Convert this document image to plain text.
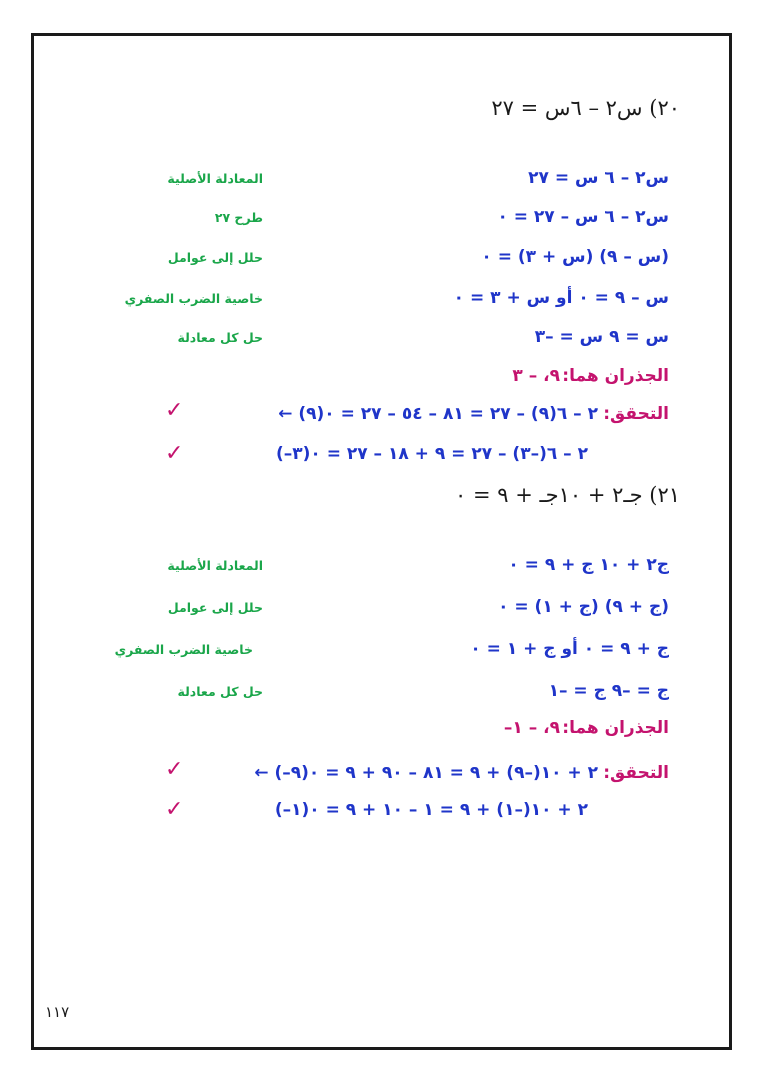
٢٠) س٢ – ٦س = ٢٧
س٢ – ٦ س = ٢٧
المعادلة الأصلية
س٢ – ٦ س – ٢٧ = ٠
طرح ٢٧
(س – ٩) (س + ٣) = ٠
حلل إلى عوامل
س – ٩ = ٠ أو س + ٣ = ٠
خاصية الضرب الصفري
س = ٩ س = –٣
حل كل معادلة
الجذران هما:
٩، – ٣
التحقق:
← (٩)٢ – ٦(٩) – ٢٧ = ٨١ – ٥٤ – ٢٧ = ٠
✓
(–٣)٢ – ٦(–٣) – ٢٧ = ٩ + ١٨ – ٢٧ = ٠
✓
٢١) جـ٢ + ١٠جـ + ٩ = ٠
ج٢ + ١٠ ج + ٩ = ٠
المعادلة الأصلية
(ج + ٩) (ج + ١) = ٠
حلل إلى عوامل
ج + ٩ = ٠ أو ج + ١ = ٠
خاصية الضرب الصفري
ج = –٩ ج = –١
حل كل معادلة
الجذران هما:
–٩، – ١
التحقق:
← (–٩)٢ + ١٠(–٩) + ٩ = ٨١ – ٩٠ + ٩ = ٠
✓
(–١)٢ + ١٠(–١) + ٩ = ١ – ١٠ + ٩ = ٠
✓
١١٧
